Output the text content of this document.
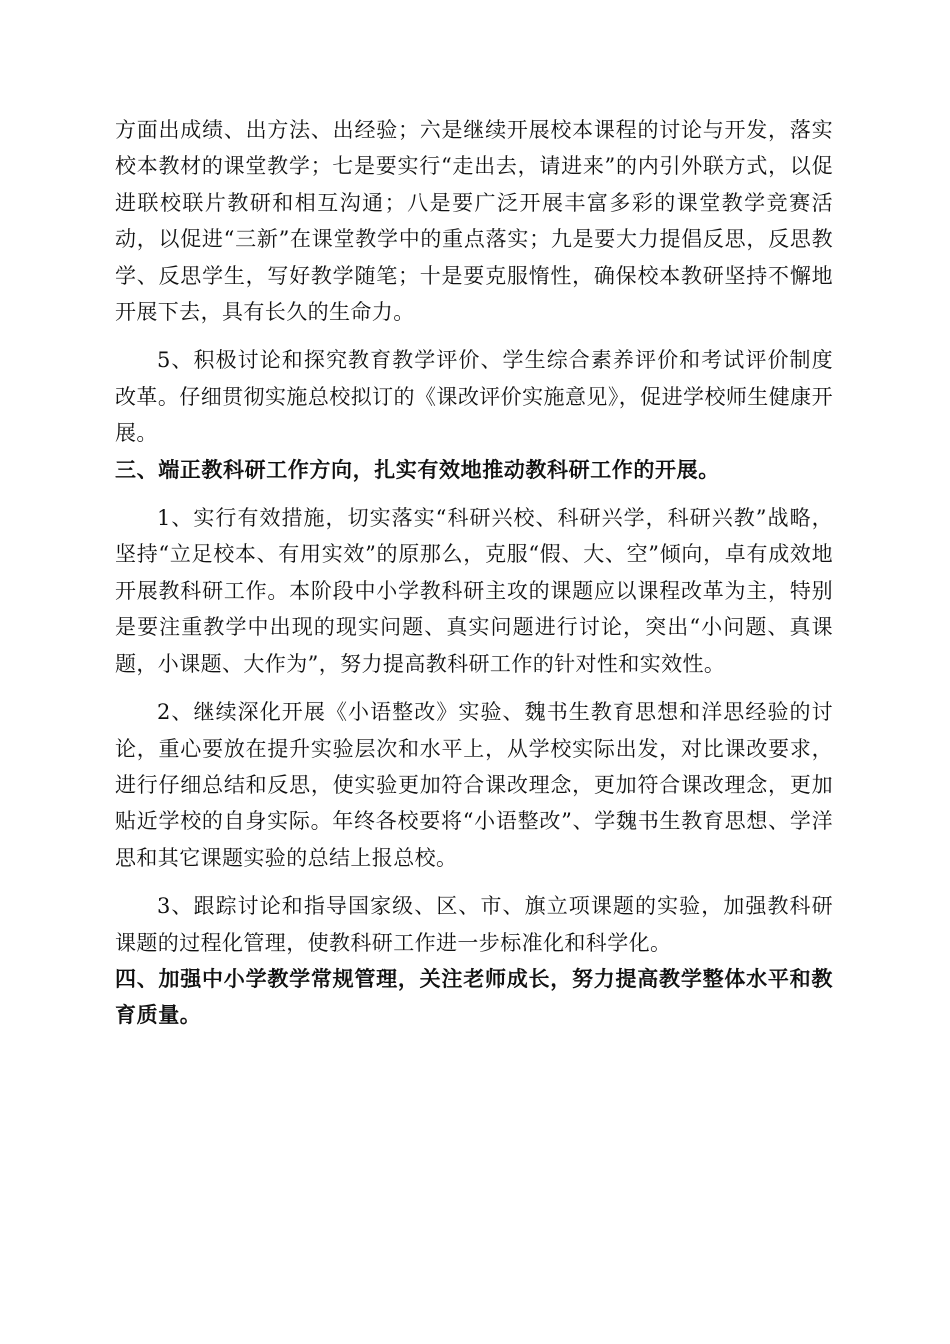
方面出成绩、出方法、出经验；六是继续开展校本课程的讨论与开发，落实校本教材的课堂教学；七是要实行“走出去，请进来”的内引外联方式，以促进联校联片教研和相互沟通；八是要广泛开展丰富多彩的课堂教学竞赛活动，以促进“三新”在课堂教学中的重点落实；九是要大力提倡反思，反思教学、反思学生，写好教学随笔；十是要克服惰性，确保校本教研坚持不懈地开展下去，具有长久的生命力。

5、积极讨论和探究教育教学评价、学生综合素养评价和考试评价制度改革。仔细贯彻实施总校拟订的《课改评价实施意见》，促进学校师生健康开展。

三、端正教科研工作方向，扎实有效地推动教科研工作的开展。

1、实行有效措施，切实落实“科研兴校、科研兴学，科研兴教”战略，坚持“立足校本、有用实效”的原那么，克服“假、大、空”倾向，卓有成效地开展教科研工作。本阶段中小学教科研主攻的课题应以课程改革为主，特别是要注重教学中出现的现实问题、真实问题进行讨论，突出“小问题、真课题，小课题、大作为”，努力提高教科研工作的针对性和实效性。

2、继续深化开展《小语整改》实验、魏书生教育思想和洋思经验的讨论，重心要放在提升实验层次和水平上，从学校实际出发，对比课改要求，进行仔细总结和反思，使实验更加符合课改理念，更加符合课改理念，更加贴近学校的自身实际。年终各校要将“小语整改”、学魏书生教育思想、学洋思和其它课题实验的总结上报总校。

3、跟踪讨论和指导国家级、区、市、旗立项课题的实验，加强教科研课题的过程化管理，使教科研工作进一步标准化和科学化。

四、加强中小学教学常规管理，关注老师成长，努力提高教学整体水平和教育质量。
